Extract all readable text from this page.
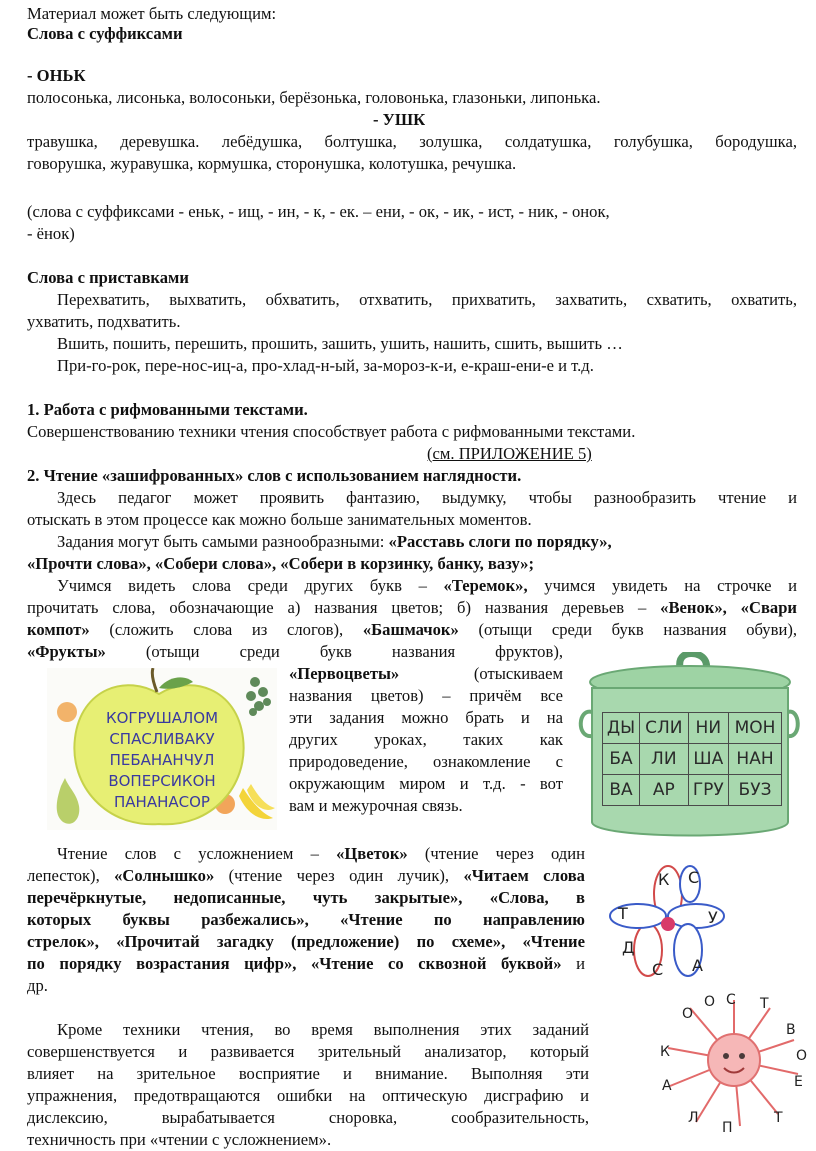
Материал может быть следующим:
Слова с суффиксами
- ОНЬК
полосонька, лисонька, волосоньки, берёзонька, головонька, глазоньки, липонька.
- УШК
травушка, деревушка. лебёдушка, болтушка, золушка, солдатушка, голубушка, бородушка,
говорушка, журавушка, кормушка, сторонушка, колотушка, речушка.
(слова с суффиксами - еньк, - ищ, - ин, - к, - ек. – ени, - ок, - ик, - ист, - ник, - онок,
- ёнок)
Слова с приставками
Перехватить, выхватить, обхватить, отхватить, прихватить, захватить, схватить, охватить,
ухватить, подхватить.
Вшить, пошить, перешить, прошить, зашить, ушить, нашить, сшить, вышить …
При-го-рок, пере-нос-иц-а, про-хлад-н-ый, за-мороз-к-и, е-краш-ени-е и т.д.
1. Работа с рифмованными текстами.
Совершенствованию техники чтения способствует работа с рифмованными текстами.
(см. ПРИЛОЖЕНИЕ 5)
2. Чтение «зашифрованных» слов с использованием наглядности.
Здесь педагог может проявить фантазию, выдумку, чтобы разнообразить чтение и
отыскать в этом процессе как можно больше занимательных моментов.
Задания могут быть самыми разнообразными: «Расставь слоги по порядку»,
«Прочти слова», «Собери слова», «Собери в корзинку, банку, вазу»;
Учимся видеть слова среди других букв – «Теремок», учимся увидеть на строчке и
прочитать слова, обозначающие а) названия цветов; б) названия деревьев – «Венок», «Свари
компот» (сложить слова из слогов), «Башмачок» (отыщи среди букв названия обуви),
«Фрукты» (отыщи среди букв названия фруктов),
«Первоцветы» (отыскиваем
названия цветов) – причём все
эти задания можно брать и на
других уроках, таких как
природоведение, ознакомление с
окружающим миром и т.д. - вот
вам и межурочная связь.
Чтение слов с усложнением – «Цветок» (чтение через один
лепесток), «Солнышко» (чтение через один лучик), «Читаем слова
перечёркнутые, недописанные, чуть закрытые», «Слова, в
которых буквы разбежались», «Чтение по направлению
стрелок», «Прочитай загадку (предложение) по схеме», «Чтение
по порядку возрастания цифр», «Чтение со сквозной буквой» и
др.
Кроме техники чтения, во время выполнения этих заданий
совершенствуется и развивается зрительный анализатор, который
влияет на зрительное восприятие и внимание. Выполняя эти
упражнения, предотвращаются ошибки на оптическую дисграфию и
дислексию, вырабатывается сноровка, сообразительность,
техничность при «чтении с усложнением».
КОГРУШАЛОМ
СПАСЛИВАКУ
ПЕБАНАНЧУЛ
ВОПЕРСИКОН
ПАНАНАСОР
ДЫ	СЛИ	НИ	МОН
БА	ЛИ	ША	НАН
ВА	АР	ГРУ	БУЗ
К С
У
А
С
Д
Т
С Т
В
О
Е
Т
П
Л
А
К
О
О
